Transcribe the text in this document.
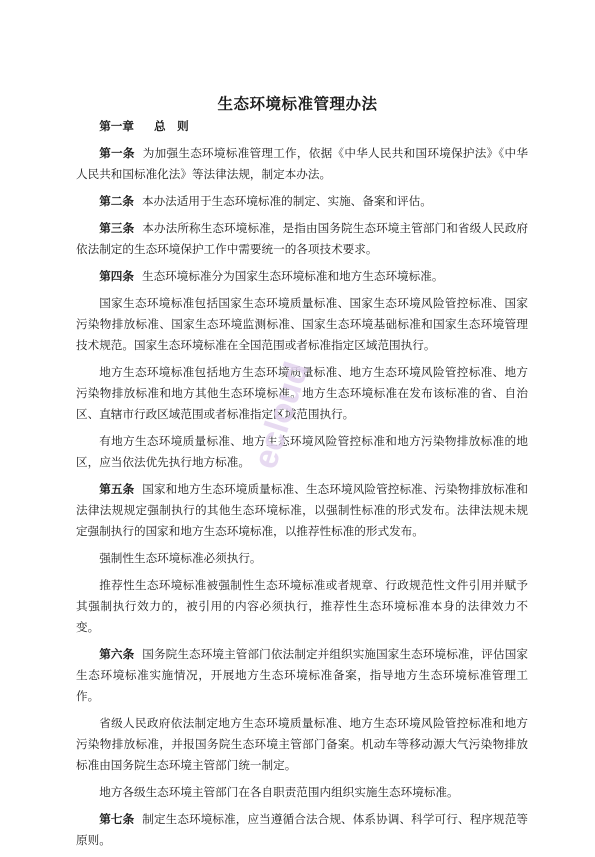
生态环境标准管理办法
第一章 总　则

第一条 为加强生态环境标准管理工作，依据《中华人民共和国环境保护法》《中华人民共和国标准化法》等法律法规，制定本办法。

第二条 本办法适用于生态环境标准的制定、实施、备案和评估。

第三条 本办法所称生态环境标准，是指由国务院生态环境主管部门和省级人民政府依法制定的生态环境保护工作中需要统一的各项技术要求。

第四条 生态环境标准分为国家生态环境标准和地方生态环境标准。

国家生态环境标准包括国家生态环境质量标准、国家生态环境风险管控标准、国家污染物排放标准、国家生态环境监测标准、国家生态环境基础标准和国家生态环境管理技术规范。国家生态环境标准在全国范围或者标准指定区域范围执行。

地方生态环境标准包括地方生态环境质量标准、地方生态环境风险管控标准、地方污染物排放标准和地方其他生态环境标准。地方生态环境标准在发布该标准的省、自治区、直辖市行政区域范围或者标准指定区域范围执行。

有地方生态环境质量标准、地方生态环境风险管控标准和地方污染物排放标准的地区，应当依法优先执行地方标准。

第五条 国家和地方生态环境质量标准、生态环境风险管控标准、污染物排放标准和法律法规规定强制执行的其他生态环境标准，以强制性标准的形式发布。法律法规未规定强制执行的国家和地方生态环境标准，以推荐性标准的形式发布。

强制性生态环境标准必须执行。

推荐性生态环境标准被强制性生态环境标准或者规章、行政规范性文件引用并赋予其强制执行效力的，被引用的内容必须执行，推荐性生态环境标准本身的法律效力不变。

第六条 国务院生态环境主管部门依法制定并组织实施国家生态环境标准，评估国家生态环境标准实施情况，开展地方生态环境标准备案，指导地方生态环境标准管理工作。

省级人民政府依法制定地方生态环境质量标准、地方生态环境风险管控标准和地方污染物排放标准，并报国务院生态环境主管部门备案。机动车等移动源大气污染物排放标准由国务院生态环境主管部门统一制定。

地方各级生态环境主管部门在各自职责范围内组织实施生态环境标准。

第七条 制定生态环境标准，应当遵循合法合规、体系协调、科学可行、程序规范等原则。

ecloud
